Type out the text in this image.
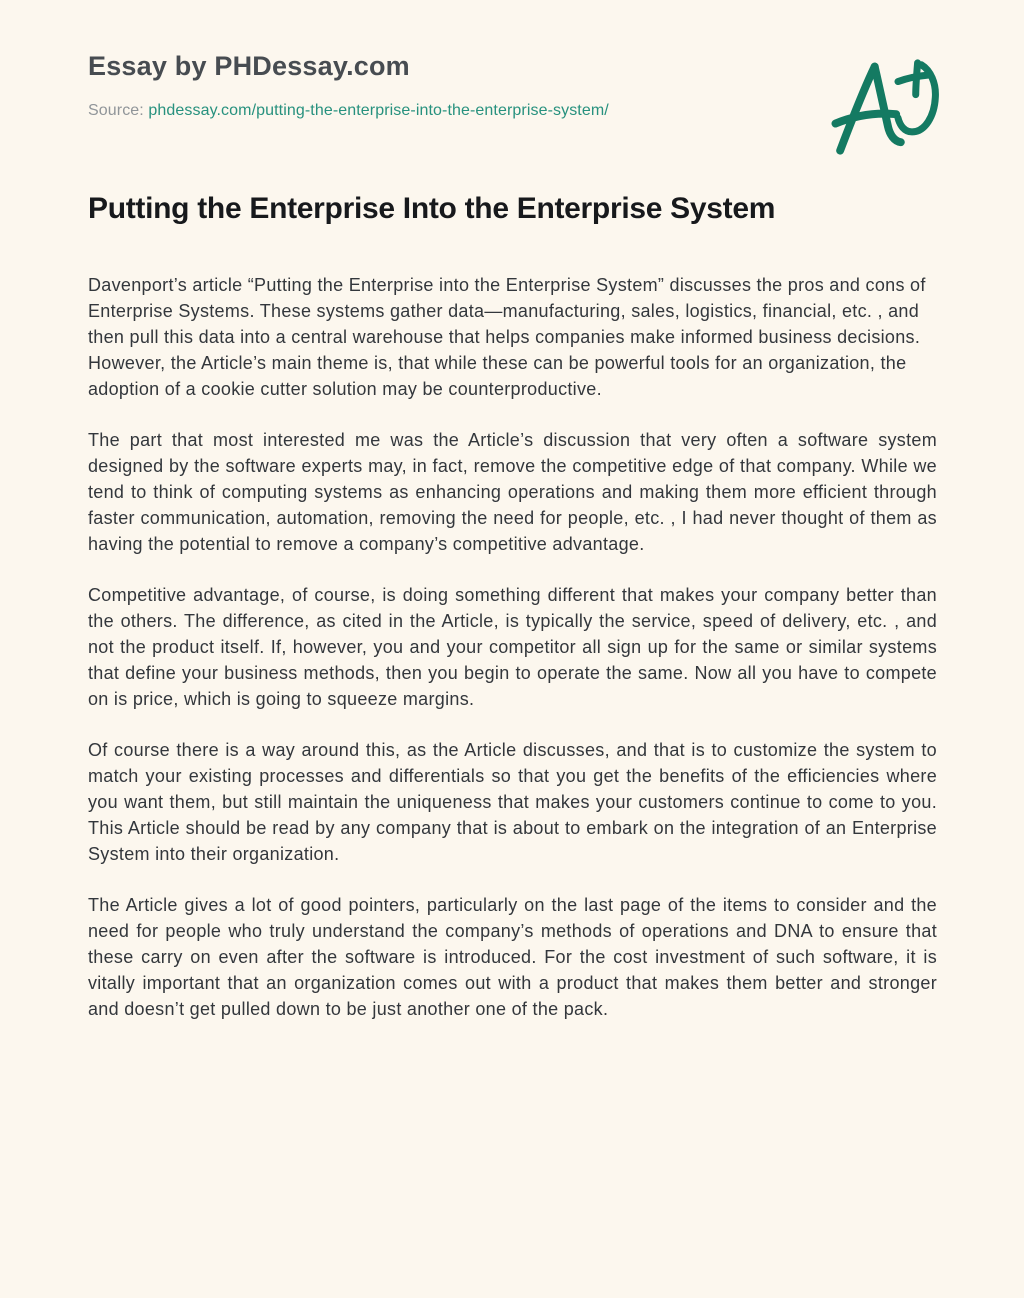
Essay by PHDessay.com
Source: phdessay.com/putting-the-enterprise-into-the-enterprise-system/
Putting the Enterprise Into the Enterprise System

Davenport’s article “Putting the Enterprise into the Enterprise System” discusses the pros and cons of Enterprise Systems. These systems gather data—manufacturing, sales, logistics, financial, etc. , and then pull this data into a central warehouse that helps companies make informed business decisions. However, the Article’s main theme is, that while these can be powerful tools for an organization, the adoption of a cookie cutter solution may be counterproductive.

The part that most interested me was the Article’s discussion that very often a software system designed by the software experts may, in fact, remove the competitive edge of that company. While we tend to think of computing systems as enhancing operations and making them more efficient through faster communication, automation, removing the need for people, etc. , I had never thought of them as having the potential to remove a company’s competitive advantage.

Competitive advantage, of course, is doing something different that makes your company better than the others. The difference, as cited in the Article, is typically the service, speed of delivery, etc. , and not the product itself. If, however, you and your competitor all sign up for the same or similar systems that define your business methods, then you begin to operate the same. Now all you have to compete on is price, which is going to squeeze margins.

Of course there is a way around this, as the Article discusses, and that is to customize the system to match your existing processes and differentials so that you get the benefits of the efficiencies where you want them, but still maintain the uniqueness that makes your customers continue to come to you. This Article should be read by any company that is about to embark on the integration of an Enterprise System into their organization.

The Article gives a lot of good pointers, particularly on the last page of the items to consider and the need for people who truly understand the company’s methods of operations and DNA to ensure that these carry on even after the software is introduced. For the cost investment of such software, it is vitally important that an organization comes out with a product that makes them better and stronger and doesn’t get pulled down to be just another one of the pack.
